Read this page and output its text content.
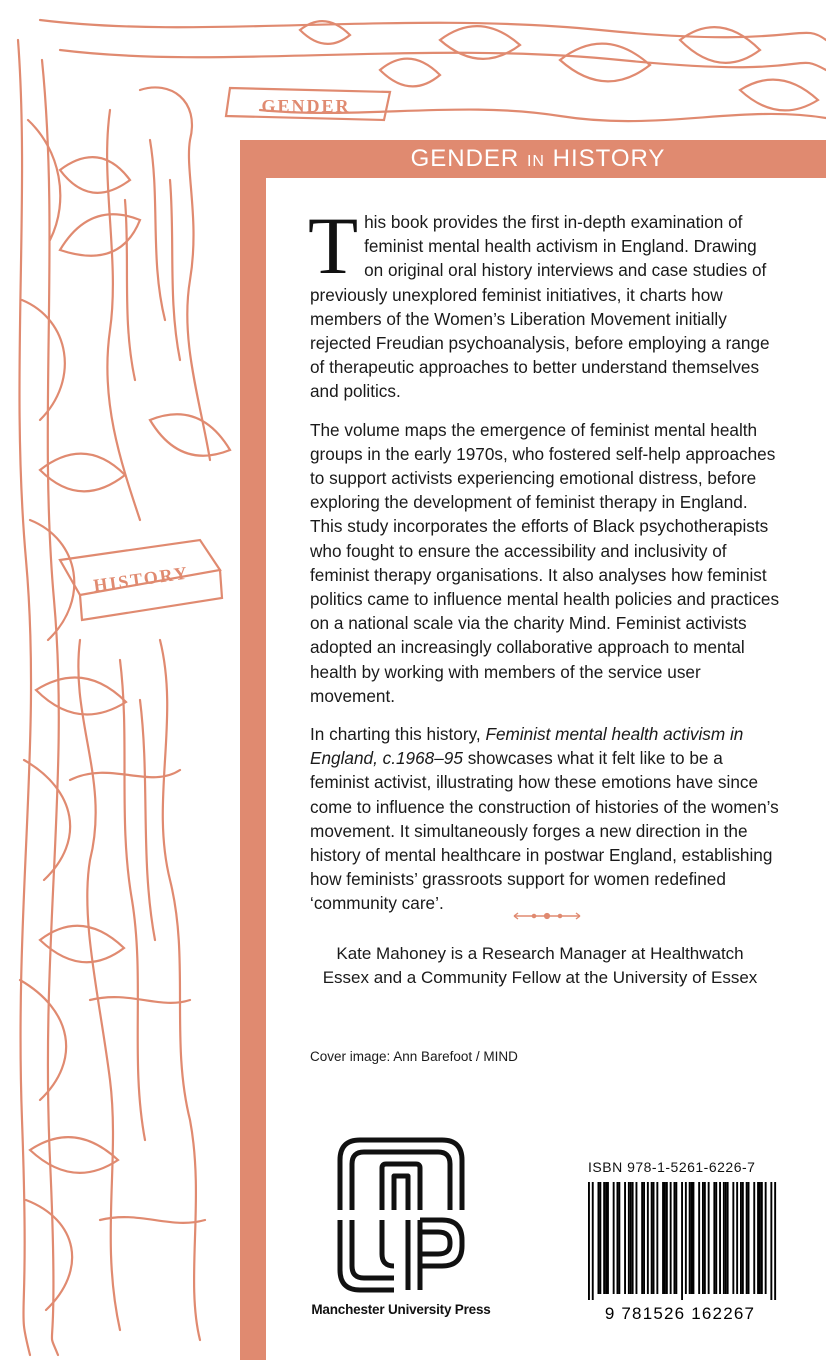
GENDER
HISTORY
GENDER IN HISTORY

This book provides the first in-depth examination of feminist mental health activism in England. Drawing on original oral history interviews and case studies of previously unexplored feminist initiatives, it charts how members of the Women’s Liberation Movement initially rejected Freudian psychoanalysis, before employing a range of therapeutic approaches to better understand themselves and politics.

The volume maps the emergence of feminist mental health groups in the early 1970s, who fostered self-help approaches to support activists experiencing emotional distress, before exploring the development of feminist therapy in England. This study incorporates the efforts of Black psychotherapists who fought to ensure the accessibility and inclusivity of feminist therapy organisations. It also analyses how feminist politics came to influence mental health policies and practices on a national scale via the charity Mind. Feminist activists adopted an increasingly collaborative approach to mental health by working with members of the service user movement.

In charting this history, Feminist mental health activism in England, c.1968–95 showcases what it felt like to be a feminist activist, illustrating how these emotions have since come to influence the construction of histories of the women’s movement. It simultaneously forges a new direction in the history of mental healthcare in postwar England, establishing how feminists’ grassroots support for women redefined ‘community care’.

Kate Mahoney is a Research Manager at Healthwatch
Essex and a Community Fellow at the University of Essex
Cover image: Ann Barefoot / MIND
Manchester University Press
ISBN 978-1-5261-6226-7
9 781526 162267
